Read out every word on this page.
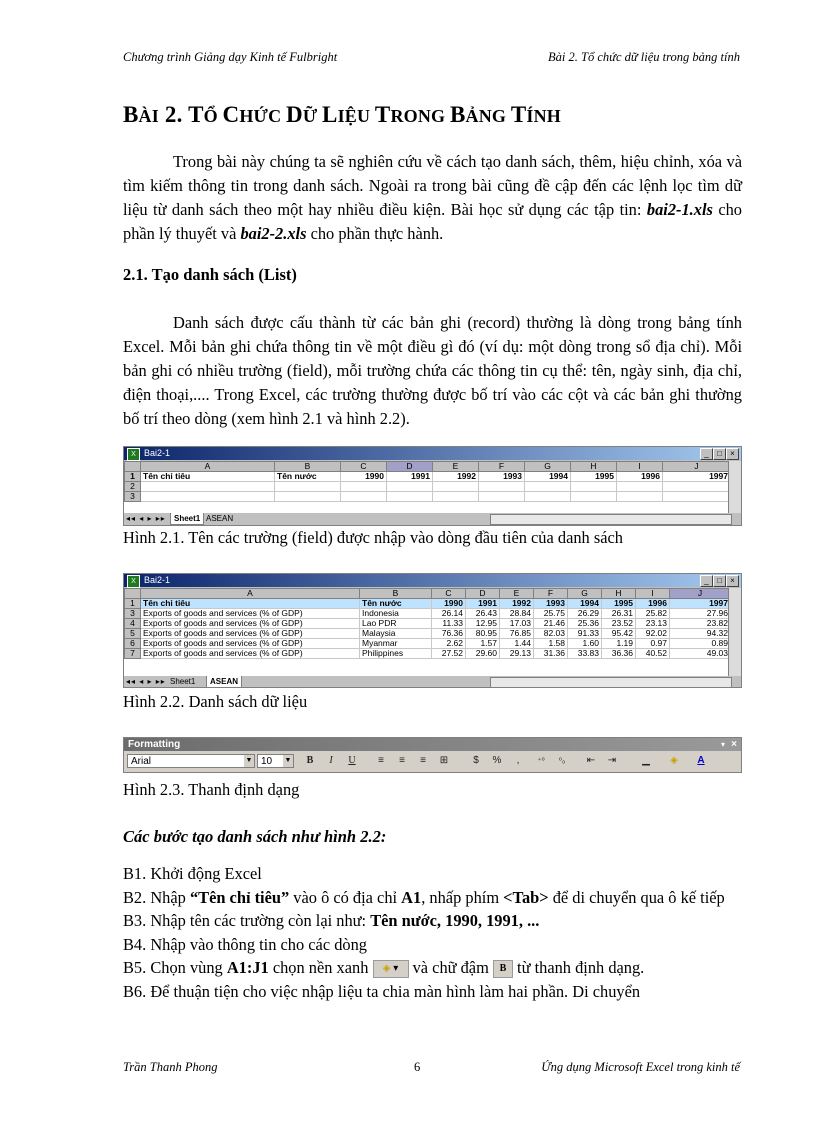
Chương trình Giảng dạy Kinh tế Fulbright	Bài 2. Tổ chức dữ liệu trong bảng tính
BÀI 2. TỔ CHỨC DỮ LIỆU TRONG BẢNG TÍNH
Trong bài này chúng ta sẽ nghiên cứu về cách tạo danh sách, thêm, hiệu chỉnh, xóa và tìm kiếm thông tin trong danh sách. Ngoài ra trong bài cũng đề cập đến các lệnh lọc tìm dữ liệu từ danh sách theo một hay nhiều điều kiện. Bài học sử dụng các tập tin: bai2-1.xls cho phần lý thuyết và bai2-2.xls cho phần thực hành.
2.1. Tạo danh sách (List)
Danh sách được cấu thành từ các bản ghi (record) thường là dòng trong bảng tính Excel. Mỗi bản ghi chứa thông tin về một điều gì đó (ví dụ: một dòng trong sổ địa chỉ). Mỗi bản ghi có nhiều trường (field), mỗi trường chứa các thông tin cụ thể: tên, ngày sinh, địa chỉ, điện thoại,.... Trong Excel, các trường thường được bố trí vào các cột và các bản ghi thường bố trí theo dòng (xem hình 2.1 và hình 2.2).
X Bai2-1	_	□	×
	A	B	C	D	E	F	G	H	I	J
1	Tên chỉ tiêu	Tên nước	1990	1991	1992	1993	1994	1995	1996	1997
2										
3										
◂◂ ◂ ▸ ▸▸	Sheet1 ASEAN
Hình 2.1. Tên các trường (field) được nhập vào dòng đầu tiên của danh sách
X Bai2-1	_	□	×
	A	B	C	D	E	F	G	H	I	J
1	Tên chỉ tiêu	Tên nước	1990	1991	1992	1993	1994	1995	1996	1997
3	Exports of goods and services (% of GDP)	Indonesia	26.14	26.43	28.84	25.75	26.29	26.31	25.82	27.96
4	Exports of goods and services (% of GDP)	Lao PDR	11.33	12.95	17.03	21.46	25.36	23.52	23.13	23.82
5	Exports of goods and services (% of GDP)	Malaysia	76.36	80.95	76.85	82.03	91.33	95.42	92.02	94.32
6	Exports of goods and services (% of GDP)	Myanmar	2.62	1.57	1.44	1.58	1.60	1.19	0.97	0.89
7	Exports of goods and services (% of GDP)	Philippines	27.52	29.60	29.13	31.36	33.83	36.36	40.52	49.03
◂◂ ◂ ▸ ▸▸ Sheet1	ASEAN
Hình 2.2. Danh sách dữ liệu
Formatting	▾ ×
Arial	▼ 10 ▼	B	I	U	≡	≡	≡	⊞	$	%	,	⁺⁰	⁰₀	⇤ ⇥	▁	◈	A
Hình 2.3. Thanh định dạng
Các bước tạo danh sách như hình 2.2:
B1. Khởi động Excel
B2. Nhập “Tên chỉ tiêu” vào ô có địa chỉ A1, nhấp phím <Tab> để di chuyển qua ô kế tiếp
B3. Nhập tên các trường còn lại như: Tên nước, 1990, 1991, ...
B4. Nhập vào thông tin cho các dòng
B5. Chọn vùng A1:J1 chọn nền xanh ◈ ▾ và chữ đậm B từ thanh định dạng.
B6. Để thuận tiện cho việc nhập liệu ta chia màn hình làm hai phần. Di chuyển
Trần Thanh Phong	6	Ứng dụng Microsoft Excel trong kinh tế
